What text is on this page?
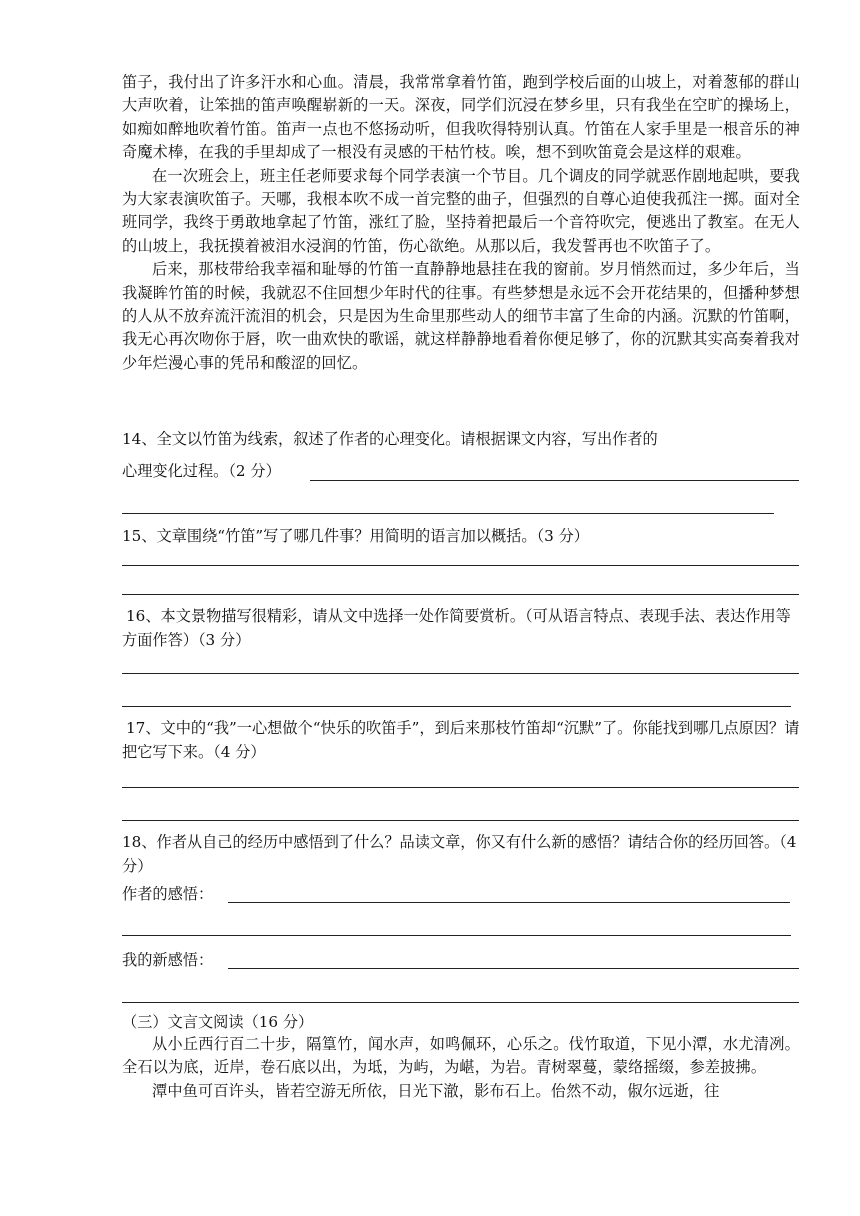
笛子，我付出了许多汗水和心血。清晨，我常常拿着竹笛，跑到学校后面的山坡上，对着葱郁的群山大声吹着，让笨拙的笛声唤醒崭新的一天。深夜，同学们沉浸在梦乡里，只有我坐在空旷的操场上，如痴如醉地吹着竹笛。笛声一点也不悠扬动听，但我吹得特别认真。竹笛在人家手里是一根音乐的神奇魔术棒，在我的手里却成了一根没有灵感的干枯竹枝。唉，想不到吹笛竟会是这样的艰难。

在一次班会上，班主任老师要求每个同学表演一个节目。几个调皮的同学就恶作剧地起哄，要我为大家表演吹笛子。天哪，我根本吹不成一首完整的曲子，但强烈的自尊心迫使我孤注一掷。面对全班同学，我终于勇敢地拿起了竹笛，涨红了脸，坚持着把最后一个音符吹完，便逃出了教室。在无人的山坡上，我抚摸着被泪水浸润的竹笛，伤心欲绝。从那以后，我发誓再也不吹笛子了。

后来，那枝带给我幸福和耻辱的竹笛一直静静地悬挂在我的窗前。岁月悄然而过，多少年后，当我凝眸竹笛的时候，我就忍不住回想少年时代的往事。有些梦想是永远不会开花结果的，但播种梦想的人从不放弃流汗流泪的机会，只是因为生命里那些动人的细节丰富了生命的内涵。沉默的竹笛啊，我无心再次吻你于唇，吹一曲欢快的歌谣，就这样静静地看着你便足够了，你的沉默其实高奏着我对少年烂漫心事的凭吊和酸涩的回忆。

14、全文以竹笛为线索，叙述了作者的心理变化。请根据课文内容，写出作者的

心理变化过程。（2 分）

15、文章围绕“竹笛”写了哪几件事？用简明的语言加以概括。（3 分）

16、本文景物描写很精彩，请从文中选择一处作简要赏析。（可从语言特点、表现手法、表达作用等方面作答）（3 分）

17、文中的“我”一心想做个“快乐的吹笛手”，到后来那枝竹笛却“沉默”了。你能找到哪几点原因？请把它写下来。（4 分）

18、作者从自己的经历中感悟到了什么？品读文章，你又有什么新的感悟？请结合你的经历回答。（4 分）

作者的感悟：
我的新感悟：

（三）文言文阅读（16 分）

从小丘西行百二十步，隔篁竹，闻水声，如鸣佩环，心乐之。伐竹取道，下见小潭，水尤清冽。全石以为底，近岸，卷石底以出，为坻，为屿，为嵁，为岩。青树翠蔓，蒙络摇缀，参差披拂。

潭中鱼可百许头，皆若空游无所依，日光下澈，影布石上。佁然不动，俶尔远逝，往
